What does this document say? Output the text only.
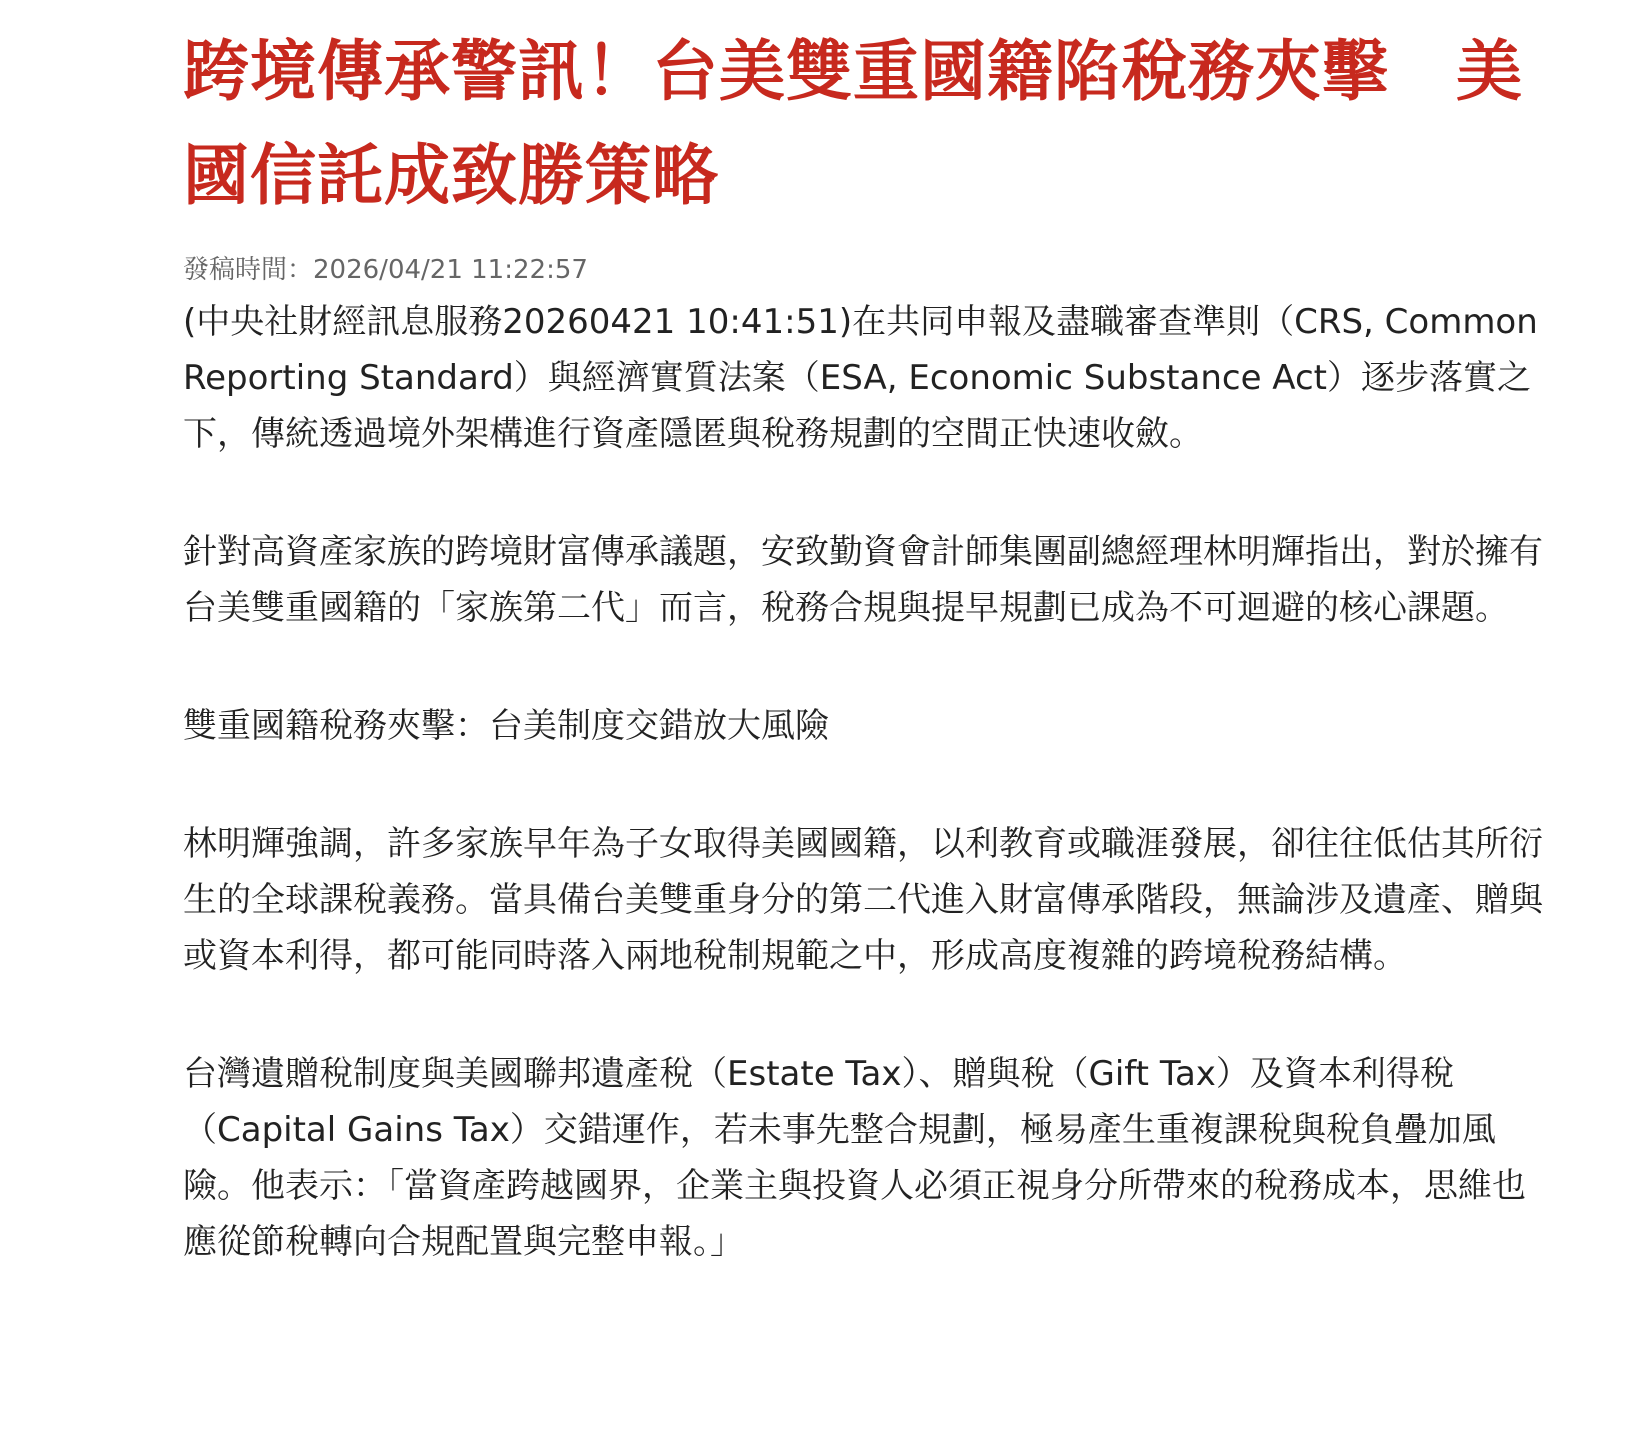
跨境傳承警訊！台美雙重國籍陷稅務夾擊　美國信託成致勝策略
發稿時間：2026/04/21 11:22:57

(中央社財經訊息服務20260421 10:41:51)在共同申報及盡職審查準則（CRS, Common Reporting Standard）與經濟實質法案（ESA, Economic Substance Act）逐步落實之下，傳統透過境外架構進行資產隱匿與稅務規劃的空間正快速收斂。

針對高資產家族的跨境財富傳承議題，安致勤資會計師集團副總經理林明輝指出，對於擁有台美雙重國籍的「家族第二代」而言，稅務合規與提早規劃已成為不可迴避的核心課題。

雙重國籍稅務夾擊：台美制度交錯放大風險

林明輝強調，許多家族早年為子女取得美國國籍，以利教育或職涯發展，卻往往低估其所衍生的全球課稅義務。當具備台美雙重身分的第二代進入財富傳承階段，無論涉及遺產、贈與或資本利得，都可能同時落入兩地稅制規範之中，形成高度複雜的跨境稅務結構。

台灣遺贈稅制度與美國聯邦遺產稅（Estate Tax）、贈與稅（Gift Tax）及資本利得稅（Capital Gains Tax）交錯運作，若未事先整合規劃，極易產生重複課稅與稅負疊加風險。他表示：「當資產跨越國界，企業主與投資人必須正視身分所帶來的稅務成本，思維也應從節稅轉向合規配置與完整申報。」
